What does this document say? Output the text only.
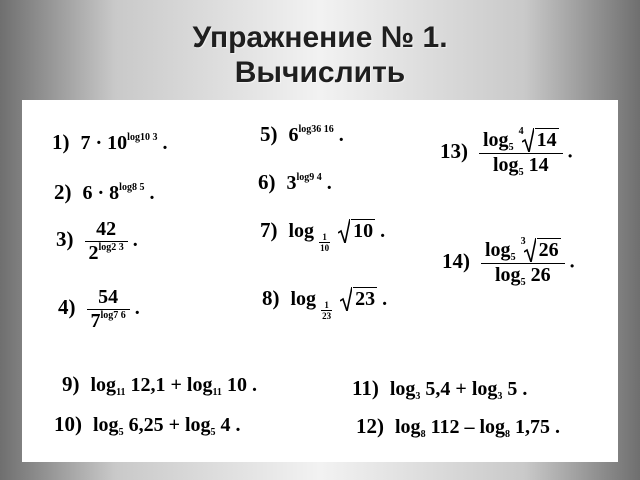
Упражнение № 1.
Вычислить
1) $7 \cdot 10^{log10 3}$ .
2) $6 \cdot 8^{log8 5}$ .
$3) \frac{42}{2^{log2 3}}$ .
$4) \frac{54}{7^{log7 6}}$ .
5) $6^{log36 16}$ .
6) $3^{log9 4}$ .
7) log
$\frac{1}{10}$

10 .
8) log
$\frac{1}{23}$

23 .
13) $\log_5$
4 14
$\log_5 14$ .
14) $\log_5$
3 26
$\log_5 26$ .
9) $\log_{11} 12,1 + \log_{11} 10$ .
10) $\log_5 6,25 + \log_5 4$ .
11) $\log_3 5,4 + \log_3 5$ .
12) $\log_8 112 - \log_8 1,75$ .
